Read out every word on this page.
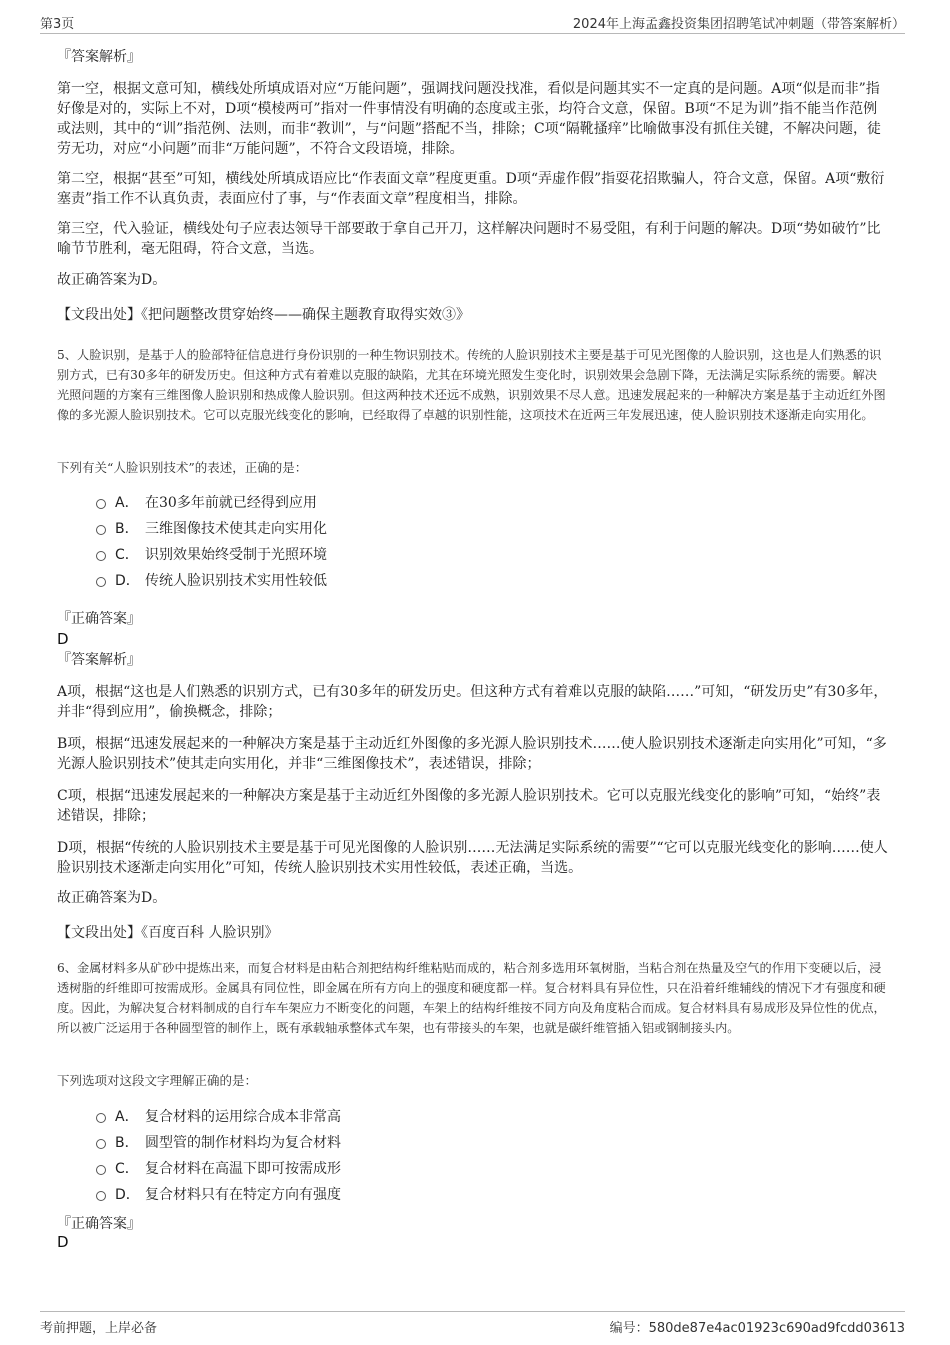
第3页	2024年上海孟鑫投资集团招聘笔试冲刺题（带答案解析）
『答案解析』

第一空，根据文意可知，横线处所填成语对应“万能问题”，强调找问题没找准，看似是问题其实不一定真的是问题。A项“似是而非”指好像是对的，实际上不对，D项“模棱两可”指对一件事情没有明确的态度或主张，均符合文意，保留。B项“不足为训”指不能当作范例或法则，其中的“训”指范例、法则，而非“教训”，与“问题”搭配不当，排除；C项“隔靴搔痒”比喻做事没有抓住关键，不解决问题，徒劳无功，对应“小问题”而非“万能问题”，不符合文段语境，排除。

第二空，根据“甚至”可知，横线处所填成语应比“作表面文章”程度更重。D项“弄虚作假”指耍花招欺骗人，符合文意，保留。A项“敷衍塞责”指工作不认真负责，表面应付了事，与“作表面文章”程度相当，排除。

第三空，代入验证，横线处句子应表达领导干部要敢于拿自己开刀，这样解决问题时不易受阻，有利于问题的解决。D项“势如破竹”比喻节节胜利，毫无阻碍，符合文意，当选。

故正确答案为D。
【文段出处】《把问题整改贯穿始终——确保主题教育取得实效③》

5、人脸识别，是基于人的脸部特征信息进行身份识别的一种生物识别技术。传统的人脸识别技术主要是基于可见光图像的人脸识别，这也是人们熟悉的识别方式，已有30多年的研发历史。但这种方式有着难以克服的缺陷，尤其在环境光照发生变化时，识别效果会急剧下降，无法满足实际系统的需要。解决光照问题的方案有三维图像人脸识别和热成像人脸识别。但这两种技术还远不成熟，识别效果不尽人意。迅速发展起来的一种解决方案是基于主动近红外图像的多光源人脸识别技术。它可以克服光线变化的影响，已经取得了卓越的识别性能，这项技术在近两三年发展迅速，使人脸识别技术逐渐走向实用化。

下列有关“人脸识别技术”的表述，正确的是：
A． 在30多年前就已经得到应用
B． 三维图像技术使其走向实用化
C． 识别效果始终受制于光照环境
D． 传统人脸识别技术实用性较低
『正确答案』
D
『答案解析』

A项，根据“这也是人们熟悉的识别方式，已有30多年的研发历史。但这种方式有着难以克服的缺陷……”可知，“研发历史”有30多年，并非“得到应用”，偷换概念，排除；

B项，根据“迅速发展起来的一种解决方案是基于主动近红外图像的多光源人脸识别技术……使人脸识别技术逐渐走向实用化”可知，“多光源人脸识别技术”使其走向实用化，并非“三维图像技术”，表述错误，排除；

C项，根据“迅速发展起来的一种解决方案是基于主动近红外图像的多光源人脸识别技术。它可以克服光线变化的影响”可知，“始终”表述错误，排除；

D项，根据“传统的人脸识别技术主要是基于可见光图像的人脸识别……无法满足实际系统的需要”“它可以克服光线变化的影响……使人脸识别技术逐渐走向实用化”可知，传统人脸识别技术实用性较低，表述正确，当选。

故正确答案为D。
【文段出处】《百度百科 人脸识别》

6、金属材料多从矿砂中提炼出来，而复合材料是由粘合剂把结构纤维粘贴而成的，粘合剂多选用环氧树脂，当粘合剂在热量及空气的作用下变硬以后，浸透树脂的纤维即可按需成形。金属具有同位性，即金属在所有方向上的强度和硬度都一样。复合材料具有异位性，只在沿着纤维辅线的情况下才有强度和硬度。因此，为解决复合材料制成的自行车车架应力不断变化的问题，车架上的结构纤维按不同方向及角度粘合而成。复合材料具有易成形及异位性的优点，所以被广泛运用于各种圆型管的制作上，既有承载轴承整体式车架，也有带接头的车架，也就是碳纤维管插入铝或钢制接头内。

下列选项对这段文字理解正确的是：
A． 复合材料的运用综合成本非常高
B． 圆型管的制作材料均为复合材料
C． 复合材料在高温下即可按需成形
D． 复合材料只有在特定方向有强度
『正确答案』
D
考前押题，上岸必备	编号：580de87e4ac01923c690ad9fcdd03613
